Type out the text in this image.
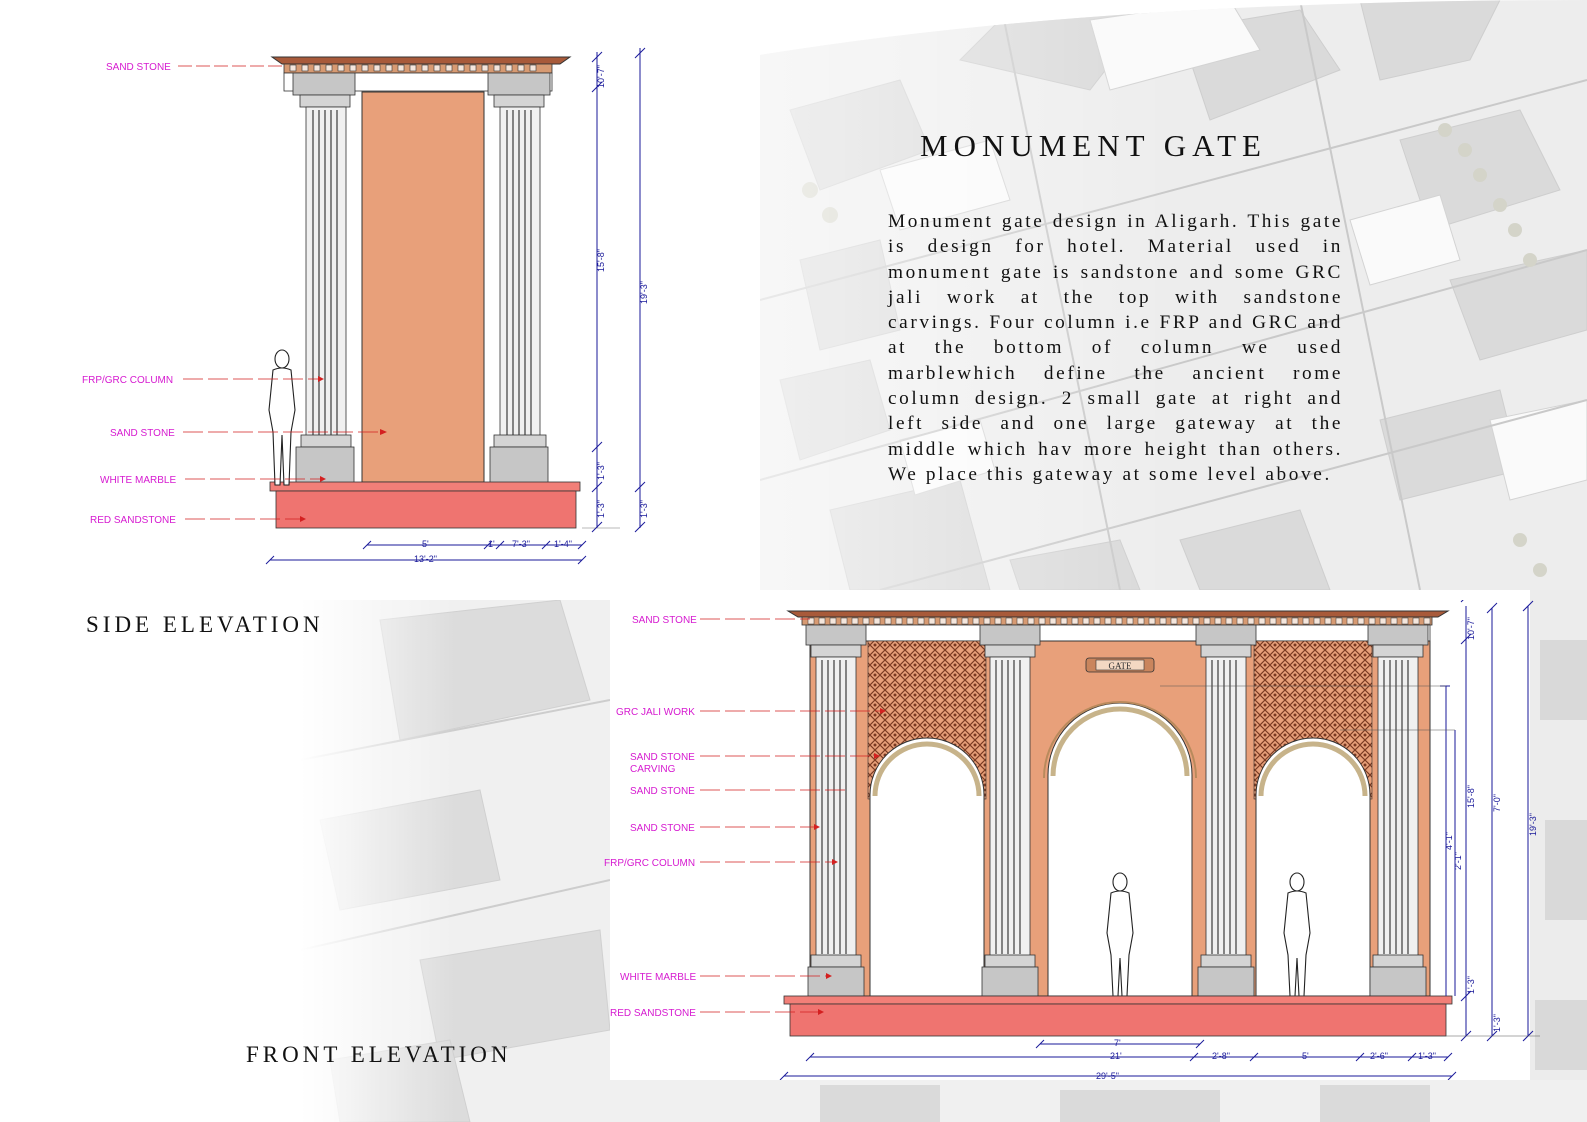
MONUMENT GATE
Monument gate design in Aligarh. This gate is design for hotel. Material used in monument gate is sandstone and some GRC jali work at the top with sandstone carvings. Four column i.e FRP and GRC and at the bottom of column we used marblewhich define the ancient rome column design. 2 small gate at right and left side and one large gateway at the middle which hav more height than others. We place this gateway at some level above.
SAND STONE
FRP/GRC COLUMN
SAND STONE
WHITE MARBLE
RED SANDSTONE
10'-7"
15'-8"
19'-3"
1'-3"
1'-3"	1'-3"
5'	1' 7'-3"	1'-4"
13'-2"
SIDE ELEVATION
GATE
SAND STONE
GRC JALI WORK
SAND STONE
CARVING
SAND STONE
SAND STONE
FRP/GRC COLUMN
WHITE MARBLE
RED SANDSTONE
10'-7"
15'-8" 7'-0"
19'-3"
4'-1"
2'-1"
1'-3"
1'-3"
7'
21'	2'-8"	5'	2'-6"	1'-3"
29'-5"
FRONT ELEVATION
